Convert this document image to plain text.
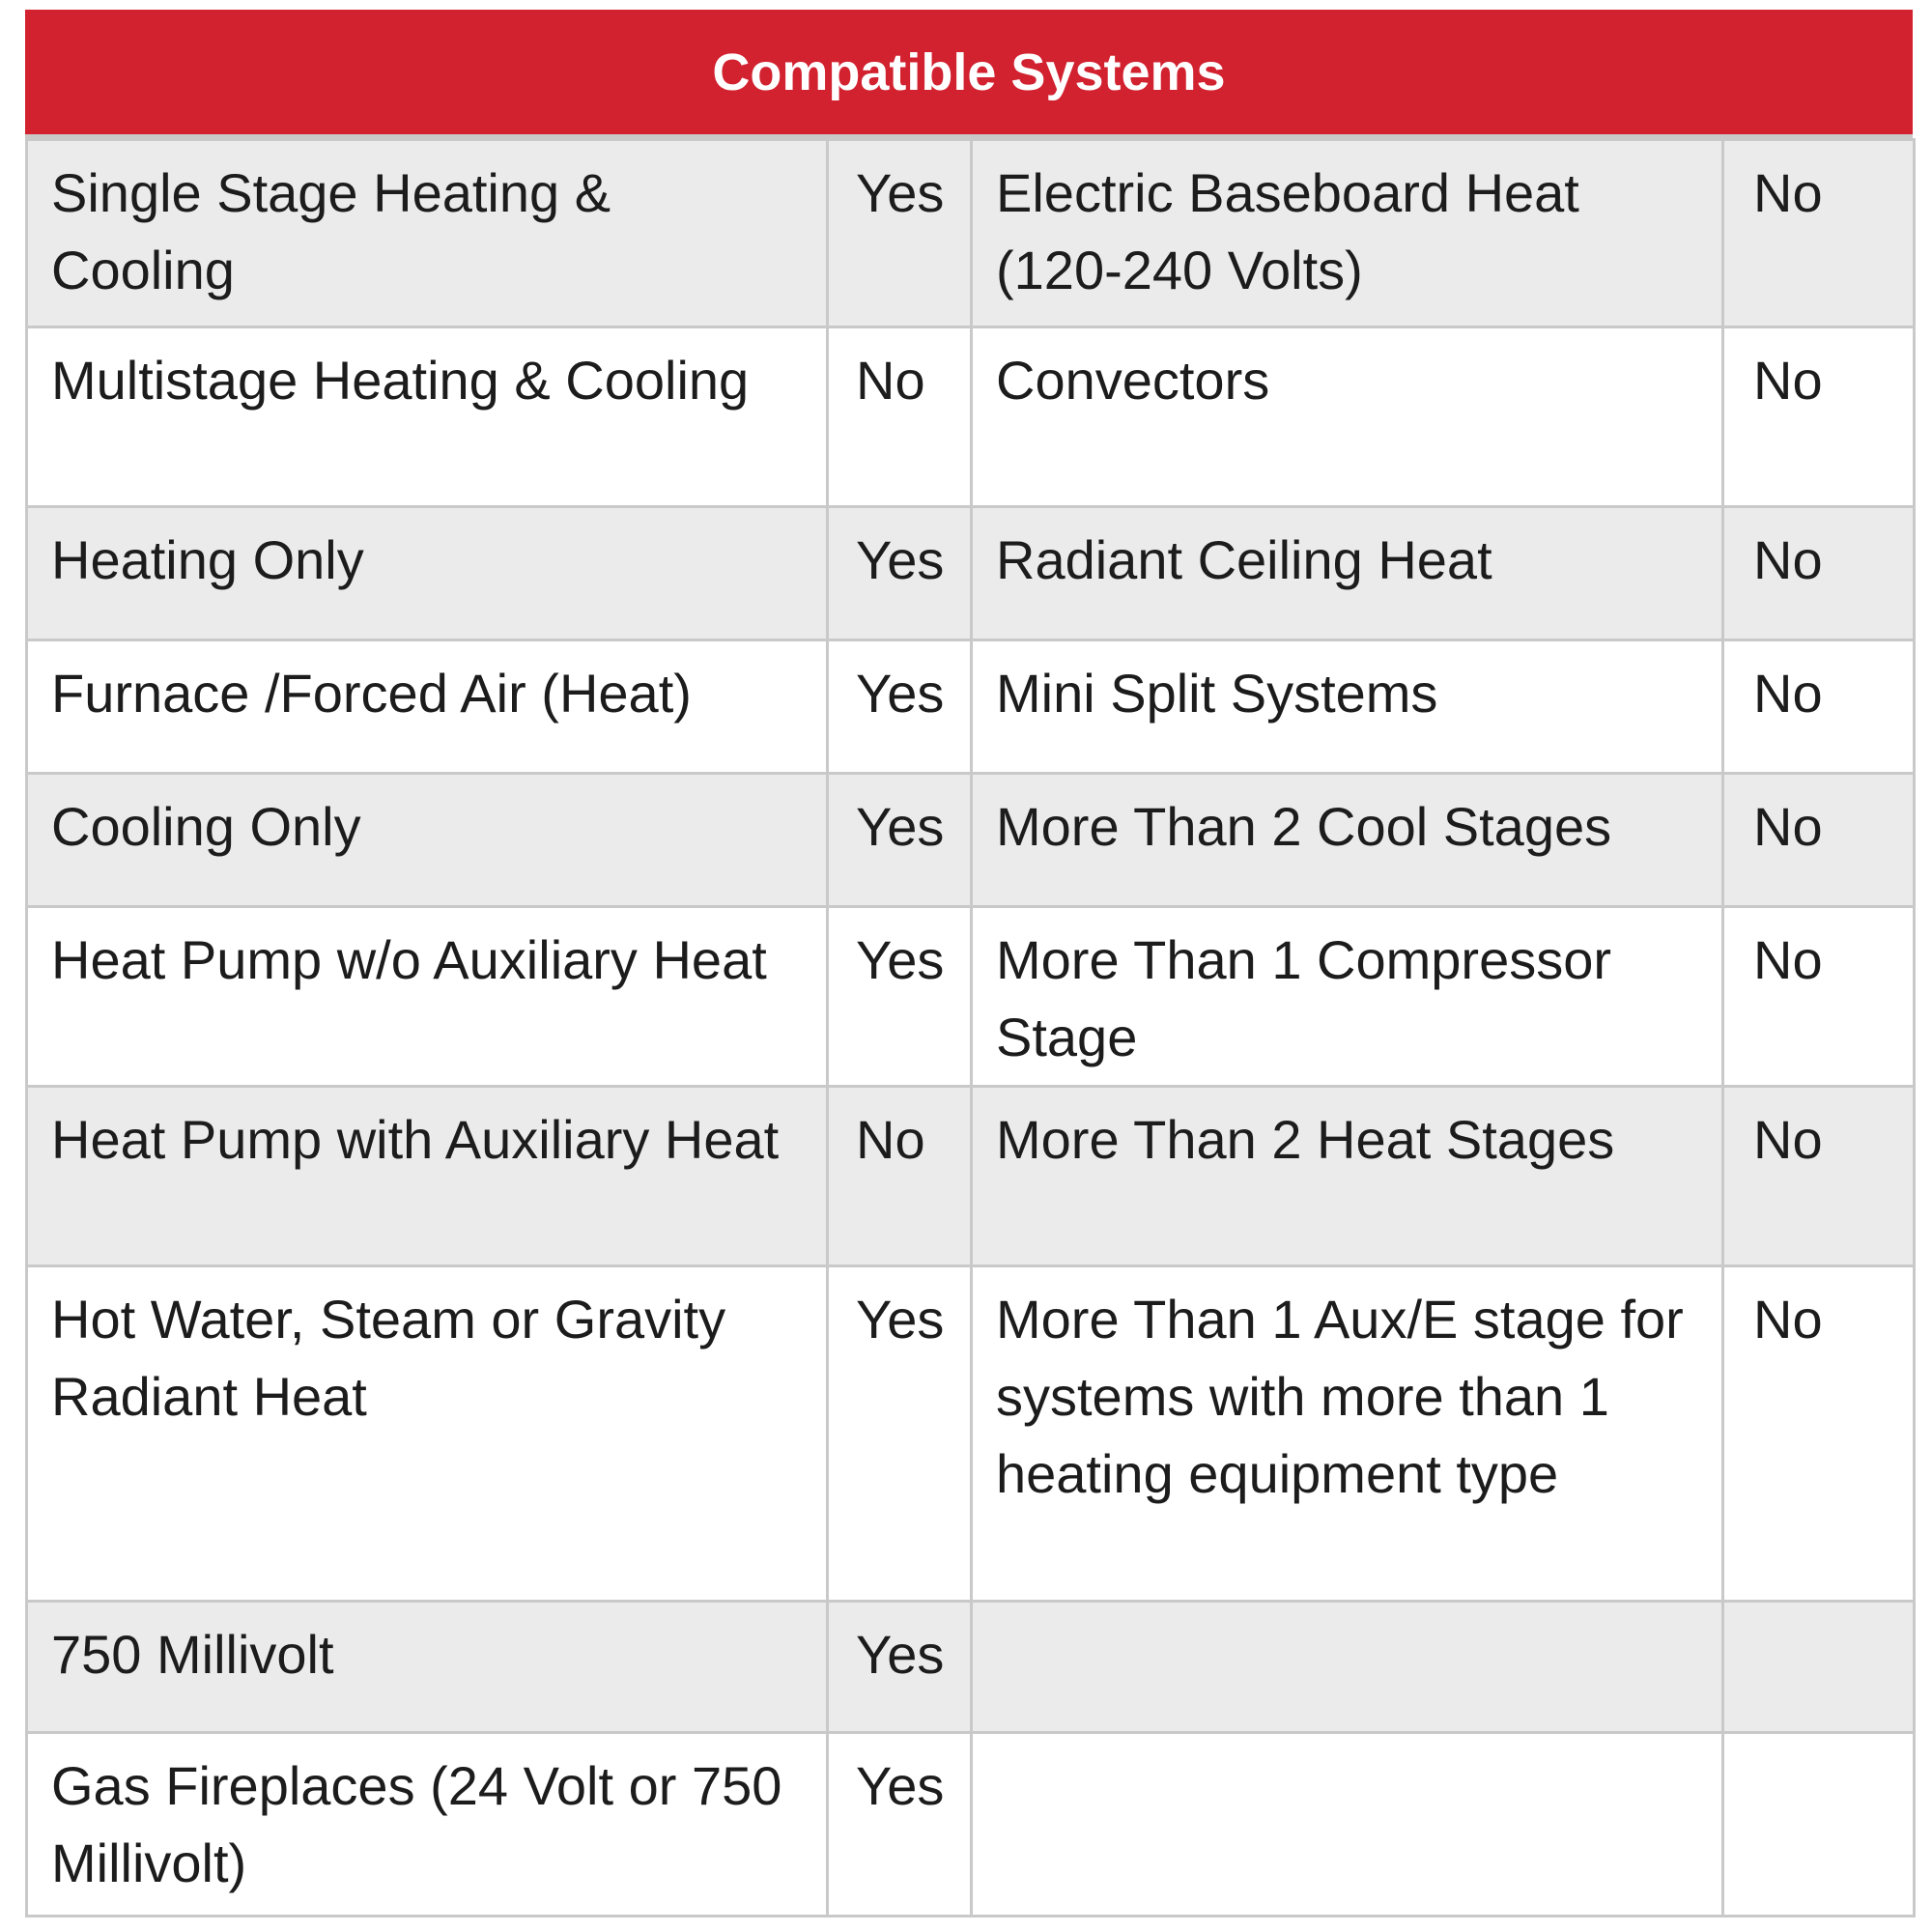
Compatible Systems
Single Stage Heating & Cooling	Yes	Electric Baseboard Heat (120-240 Volts)	No
Multistage Heating & Cooling	No	Convectors	No
Heating Only	Yes	Radiant Ceiling Heat	No
Furnace /Forced Air (Heat)	Yes	Mini Split Systems	No
Cooling Only	Yes	More Than 2 Cool Stages	No
Heat Pump w/o Auxiliary Heat	Yes	More Than 1 Compressor Stage	No
Heat Pump with Auxiliary Heat	No	More Than 2 Heat Stages	No
Hot Water, Steam or Gravity Radiant Heat	Yes	More Than 1 Aux/E stage for systems with more than 1 heating equipment type	No
750 Millivolt	Yes		
Gas Fireplaces (24 Volt or 750 Millivolt)	Yes		
